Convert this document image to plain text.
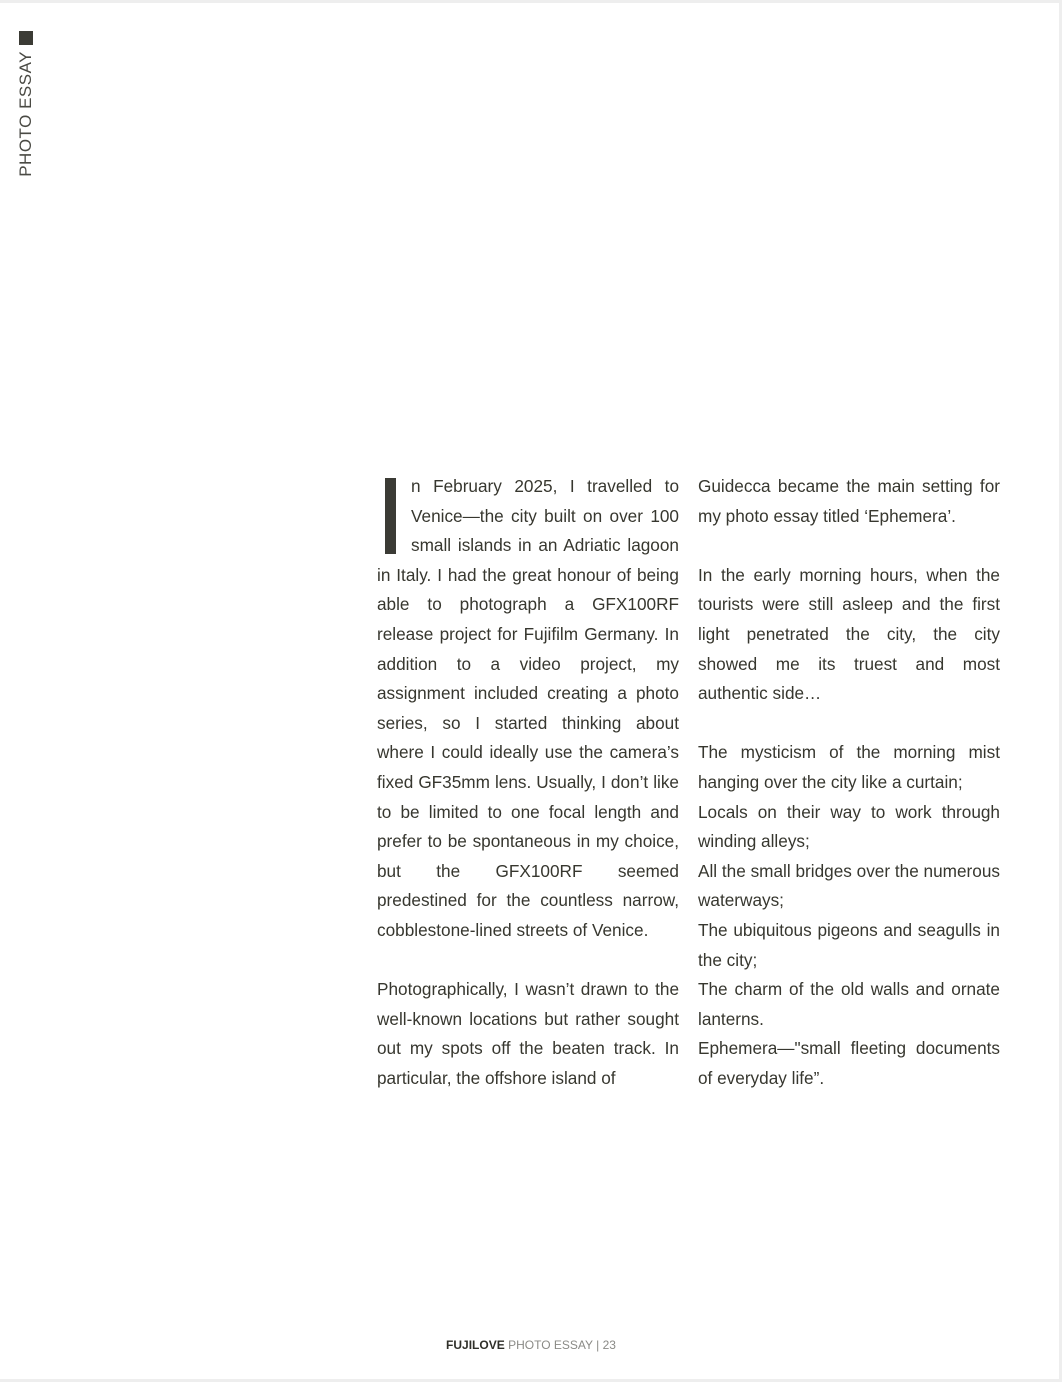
PHOTO ESSAY

n February 2025, I travelled to Venice—the city built on over 100 small islands in an Adriatic lagoon in Italy. I had the great honour of being able to photograph a GFX100RF release project for Fujifilm Germany. In addition to a video project, my assignment included creating a photo series, so I started thinking about where I could ideally use the camera’s fixed GF35mm lens. Usually, I don’t like to be limited to one focal length and prefer to be spontaneous in my choice, but the GFX100RF seemed predestined for the countless narrow, cobblestone-lined streets of Venice.

Photographically, I wasn’t drawn to the well-known locations but rather sought out my spots off the beaten track. In particular, the offshore island of

Guidecca became the main setting for my photo essay titled ‘Ephemera’.

In the early morning hours, when the tourists were still asleep and the first light penetrated the city, the city showed me its truest and most authentic side…

The mysticism of the morning mist hanging over the city like a curtain;

Locals on their way to work through winding alleys;

All the small bridges over the numerous waterways;

The ubiquitous pigeons and seagulls in the city;

The charm of the old walls and ornate lanterns.

Ephemera—"small fleeting documents of everyday life”.

FUJILOVE PHOTO ESSAY | 23
